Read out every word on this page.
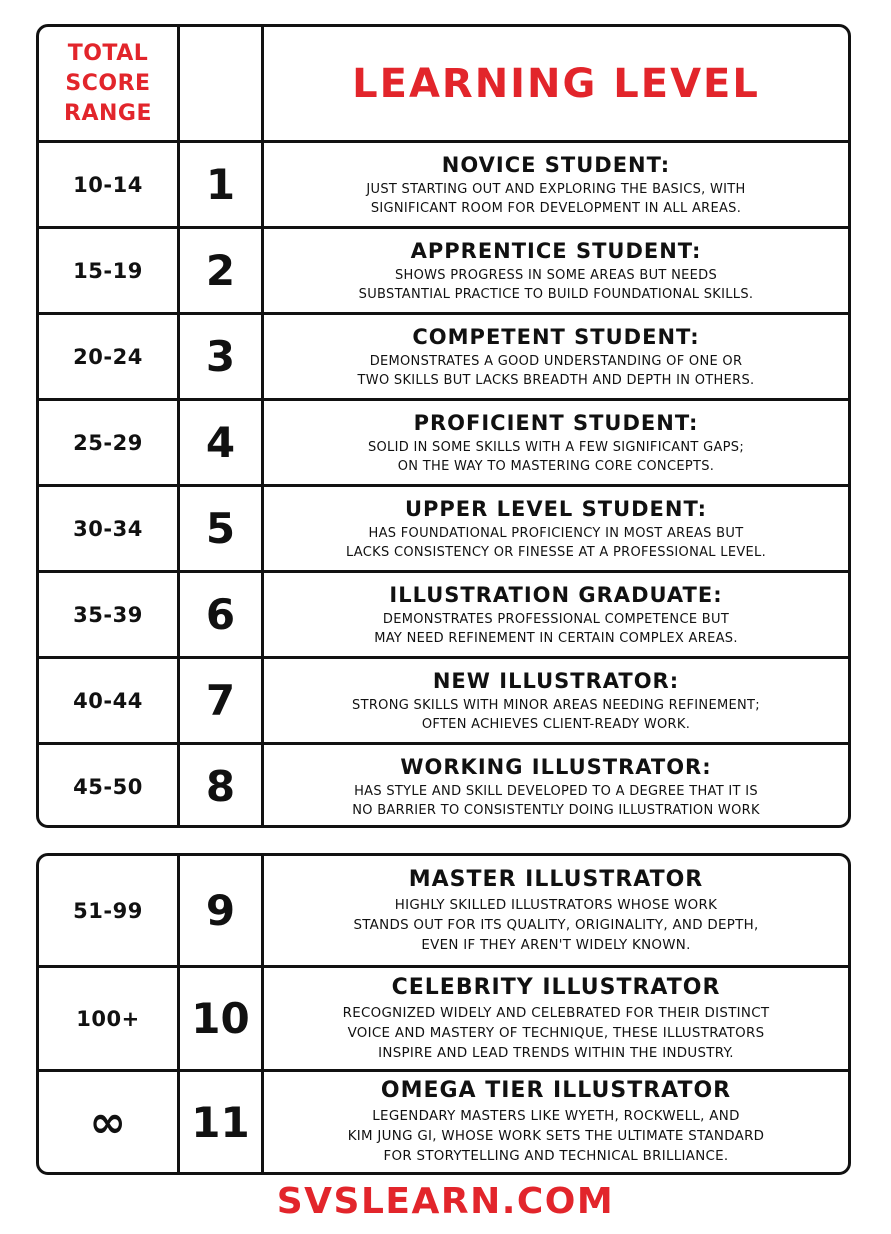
TOTAL
SCORE
RANGE
LEARNING LEVEL
10-14	1	NOVICE STUDENT:
JUST STARTING OUT AND EXPLORING THE BASICS, WITH
SIGNIFICANT ROOM FOR DEVELOPMENT IN ALL AREAS.
15-19	2	APPRENTICE STUDENT:
SHOWS PROGRESS IN SOME AREAS BUT NEEDS
SUBSTANTIAL PRACTICE TO BUILD FOUNDATIONAL SKILLS.
20-24	3	COMPETENT STUDENT:
DEMONSTRATES A GOOD UNDERSTANDING OF ONE OR
TWO SKILLS BUT LACKS BREADTH AND DEPTH IN OTHERS.
25-29	4	PROFICIENT STUDENT:
SOLID IN SOME SKILLS WITH A FEW SIGNIFICANT GAPS;
ON THE WAY TO MASTERING CORE CONCEPTS.
30-34	5	UPPER LEVEL STUDENT:
HAS FOUNDATIONAL PROFICIENCY IN MOST AREAS BUT
LACKS CONSISTENCY OR FINESSE AT A PROFESSIONAL LEVEL.
35-39	6	ILLUSTRATION GRADUATE:
DEMONSTRATES PROFESSIONAL COMPETENCE BUT
MAY NEED REFINEMENT IN CERTAIN COMPLEX AREAS.
40-44	7	NEW ILLUSTRATOR:
STRONG SKILLS WITH MINOR AREAS NEEDING REFINEMENT;
OFTEN ACHIEVES CLIENT-READY WORK.
45-50	8	WORKING ILLUSTRATOR:
HAS STYLE AND SKILL DEVELOPED TO A DEGREE THAT IT IS
NO BARRIER TO CONSISTENTLY DOING ILLUSTRATION WORK
51-99	9
MASTER ILLUSTRATOR
HIGHLY SKILLED ILLUSTRATORS WHOSE WORK
STANDS OUT FOR ITS QUALITY, ORIGINALITY, AND DEPTH,
EVEN IF THEY AREN'T WIDELY KNOWN.
100+	10
CELEBRITY ILLUSTRATOR
RECOGNIZED WIDELY AND CELEBRATED FOR THEIR DISTINCT
VOICE AND MASTERY OF TECHNIQUE, THESE ILLUSTRATORS
INSPIRE AND LEAD TRENDS WITHIN THE INDUSTRY.
∞	11
OMEGA TIER ILLUSTRATOR
LEGENDARY MASTERS LIKE WYETH, ROCKWELL, AND
KIM JUNG GI, WHOSE WORK SETS THE ULTIMATE STANDARD
FOR STORYTELLING AND TECHNICAL BRILLIANCE.
SVSLEARN.COM
